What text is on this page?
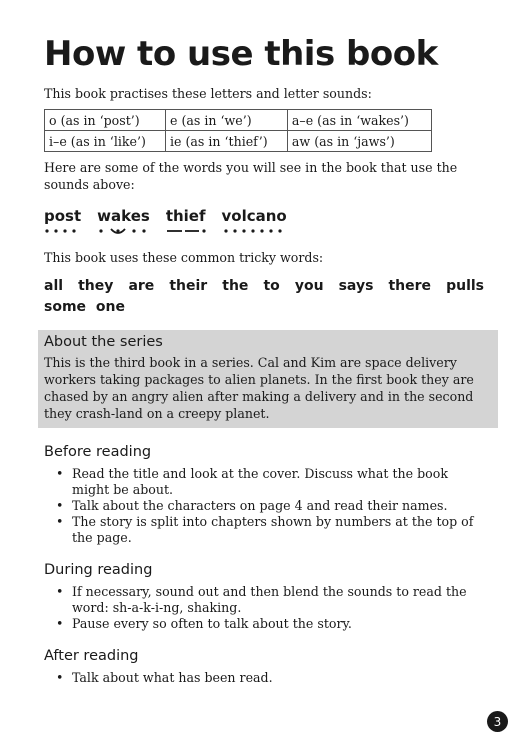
How to use this book

This book practises these letters and letter sounds:

o (as in ‘post’)	e (as in ‘we’)	a–e (as in ‘wakes’)
i–e (as in ‘like’)	ie (as in ‘thief’)	aw (as in ‘jaws’)

Here are some of the words you will see in the book that use the sounds above:

post wakes thief volcano

This book uses these common tricky words:

all they are their the to you says there pulls some one

About the series

This is the third book in a series. Cal and Kim are space delivery workers taking packages to alien planets. In the first book they are chased by an angry alien after making a delivery and in the second they crash-land on a creepy planet.

Before reading
• Read the title and look at the cover. Discuss what the book might be about.
• Talk about the characters on page 4 and read their names.
• The story is split into chapters shown by numbers at the top of the page.
During reading
• If necessary, sound out and then blend the sounds to read the word: sh-a-k-i-ng, shaking.
• Pause every so often to talk about the story.
After reading
• Talk about what has been read.
3
